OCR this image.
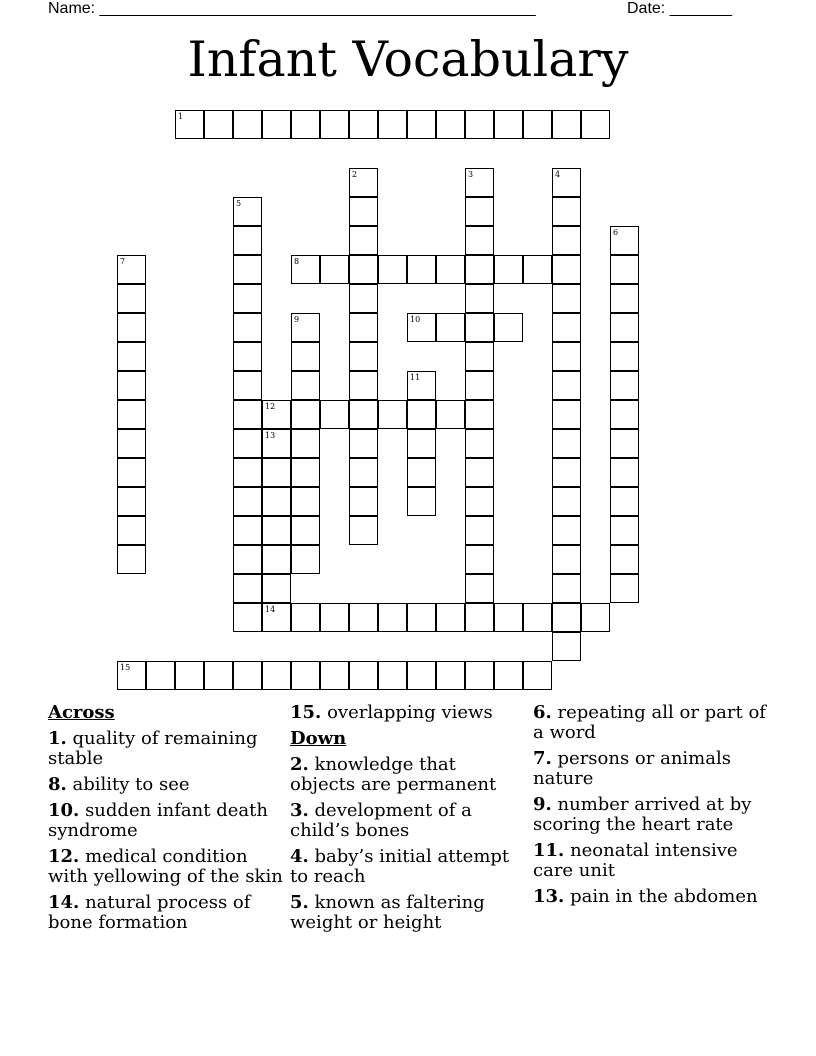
Name: _________________________________________________	Date: _______
Infant Vocabulary
1
2	3	4
5
6
7	8
9	10
11
12
13
14
15
Across
1. quality of remaining stable
8. ability to see
10. sudden infant death syndrome
12. medical condition with yellowing of the skin
14. natural process of bone formation
15. overlapping views
Down
2. knowledge that objects are permanent
3. development of a child’s bones
4. baby’s initial attempt to reach
5. known as faltering weight or height
6. repeating all or part of a word
7. persons or animals nature
9. number arrived at by scoring the heart rate
11. neonatal intensive care unit
13. pain in the abdomen
